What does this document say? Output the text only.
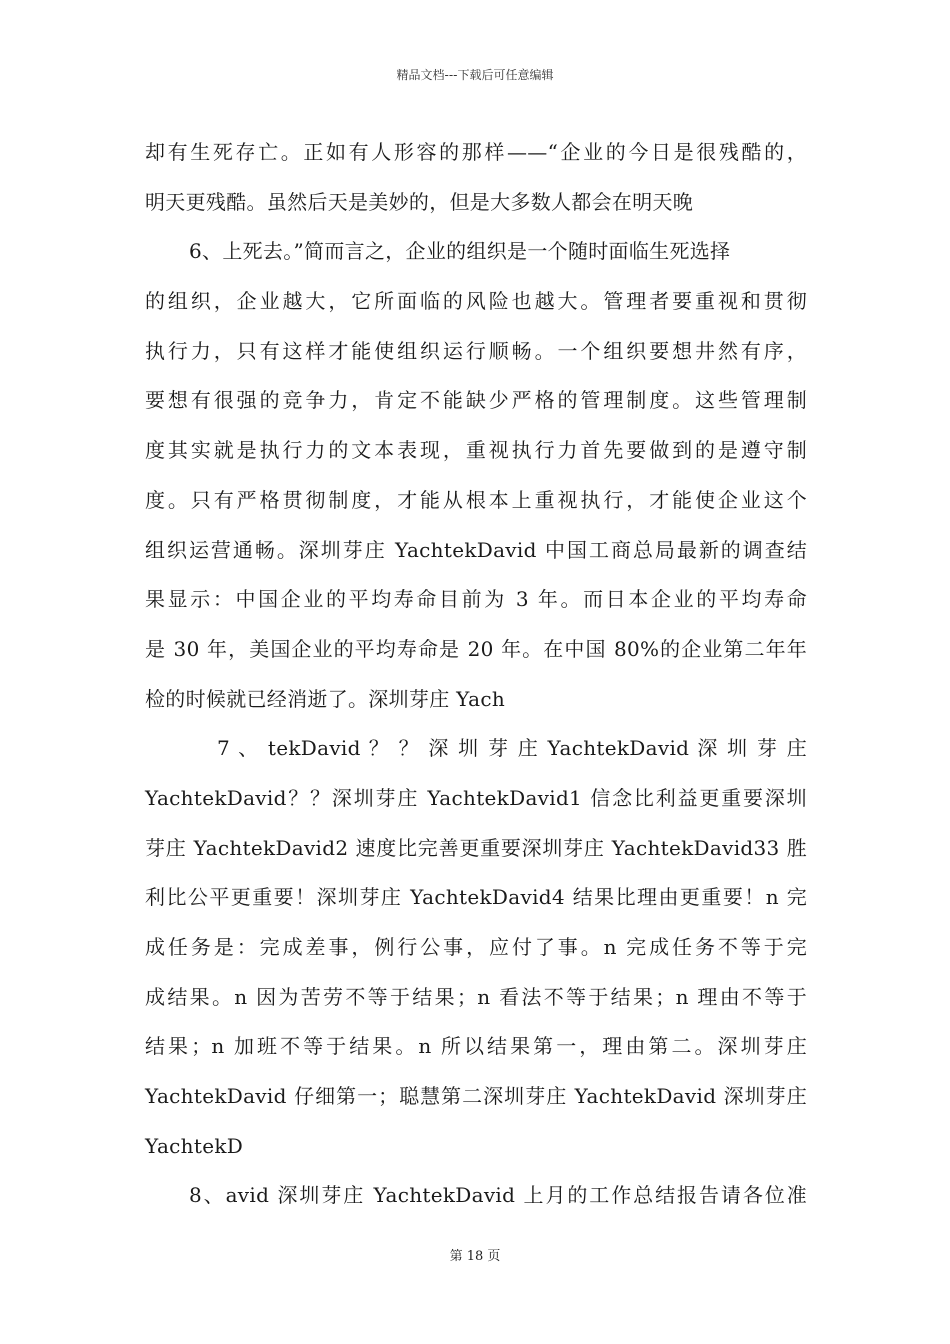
精品文档---下载后可任意编辑
却有生死存亡。正如有人形容的那样——“企业的今日是很残酷的，
明天更残酷。虽然后天是美妙的，但是大多数人都会在明天晚
6、上死去。”简而言之，企业的组织是一个随时面临生死选择
的组织，企业越大，它所面临的风险也越大。管理者要重视和贯彻
执行力，只有这样才能使组织运行顺畅。一个组织要想井然有序，
要想有很强的竞争力，肯定不能缺少严格的管理制度。这些管理制
度其实就是执行力的文本表现，重视执行力首先要做到的是遵守制
度。只有严格贯彻制度，才能从根本上重视执行，才能使企业这个
组织运营通畅。深圳芽庄 YachtekDavid 中国工商总局最新的调查结
果显示：中国企业的平均寿命目前为 3 年。而日本企业的平均寿命
是 30 年，美国企业的平均寿命是 20 年。在中国 80%的企业第二年年
检的时候就已经消逝了。深圳芽庄 Yach
7 、 tekDavid ？ ？ 深 圳 芽 庄 YachtekDavid 深 圳 芽 庄
YachtekDavid？？深圳芽庄 YachtekDavid1 信念比利益更重要深圳
芽庄 YachtekDavid2 速度比完善更重要深圳芽庄 YachtekDavid33 胜
利比公平更重要！深圳芽庄 YachtekDavid4 结果比理由更重要！n 完
成任务是：完成差事，例行公事，应付了事。n 完成任务不等于完
成结果。n 因为苦劳不等于结果；n 看法不等于结果；n 理由不等于
结果；n 加班不等于结果。n 所以结果第一，理由第二。深圳芽庄
YachtekDavid 仔细第一；聪慧第二深圳芽庄 YachtekDavid 深圳芽庄
YachtekD
8、avid 深圳芽庄 YachtekDavid 上月的工作总结报告请各位准
第 18 页
